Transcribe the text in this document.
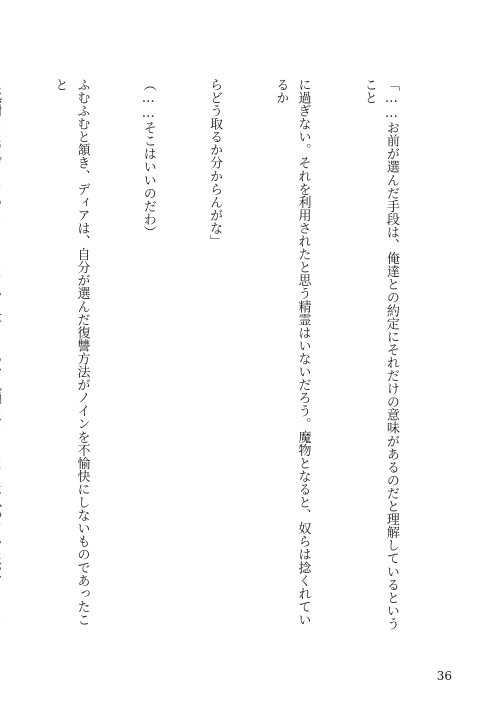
「……お前が選んだ手段は、俺達との約定にそれだけの意味があるのだと理解しているということ

に過ぎない。それを利用されたと思う精霊はいないだろう。魔物となると、奴らは捻くれているか

らどう取るか分からんがな」

（……そこはいいのだわ）

ふむふむと頷き、ディアは、自分が選んだ復讐方法がノインを不愉快にしないものであったこと

36
